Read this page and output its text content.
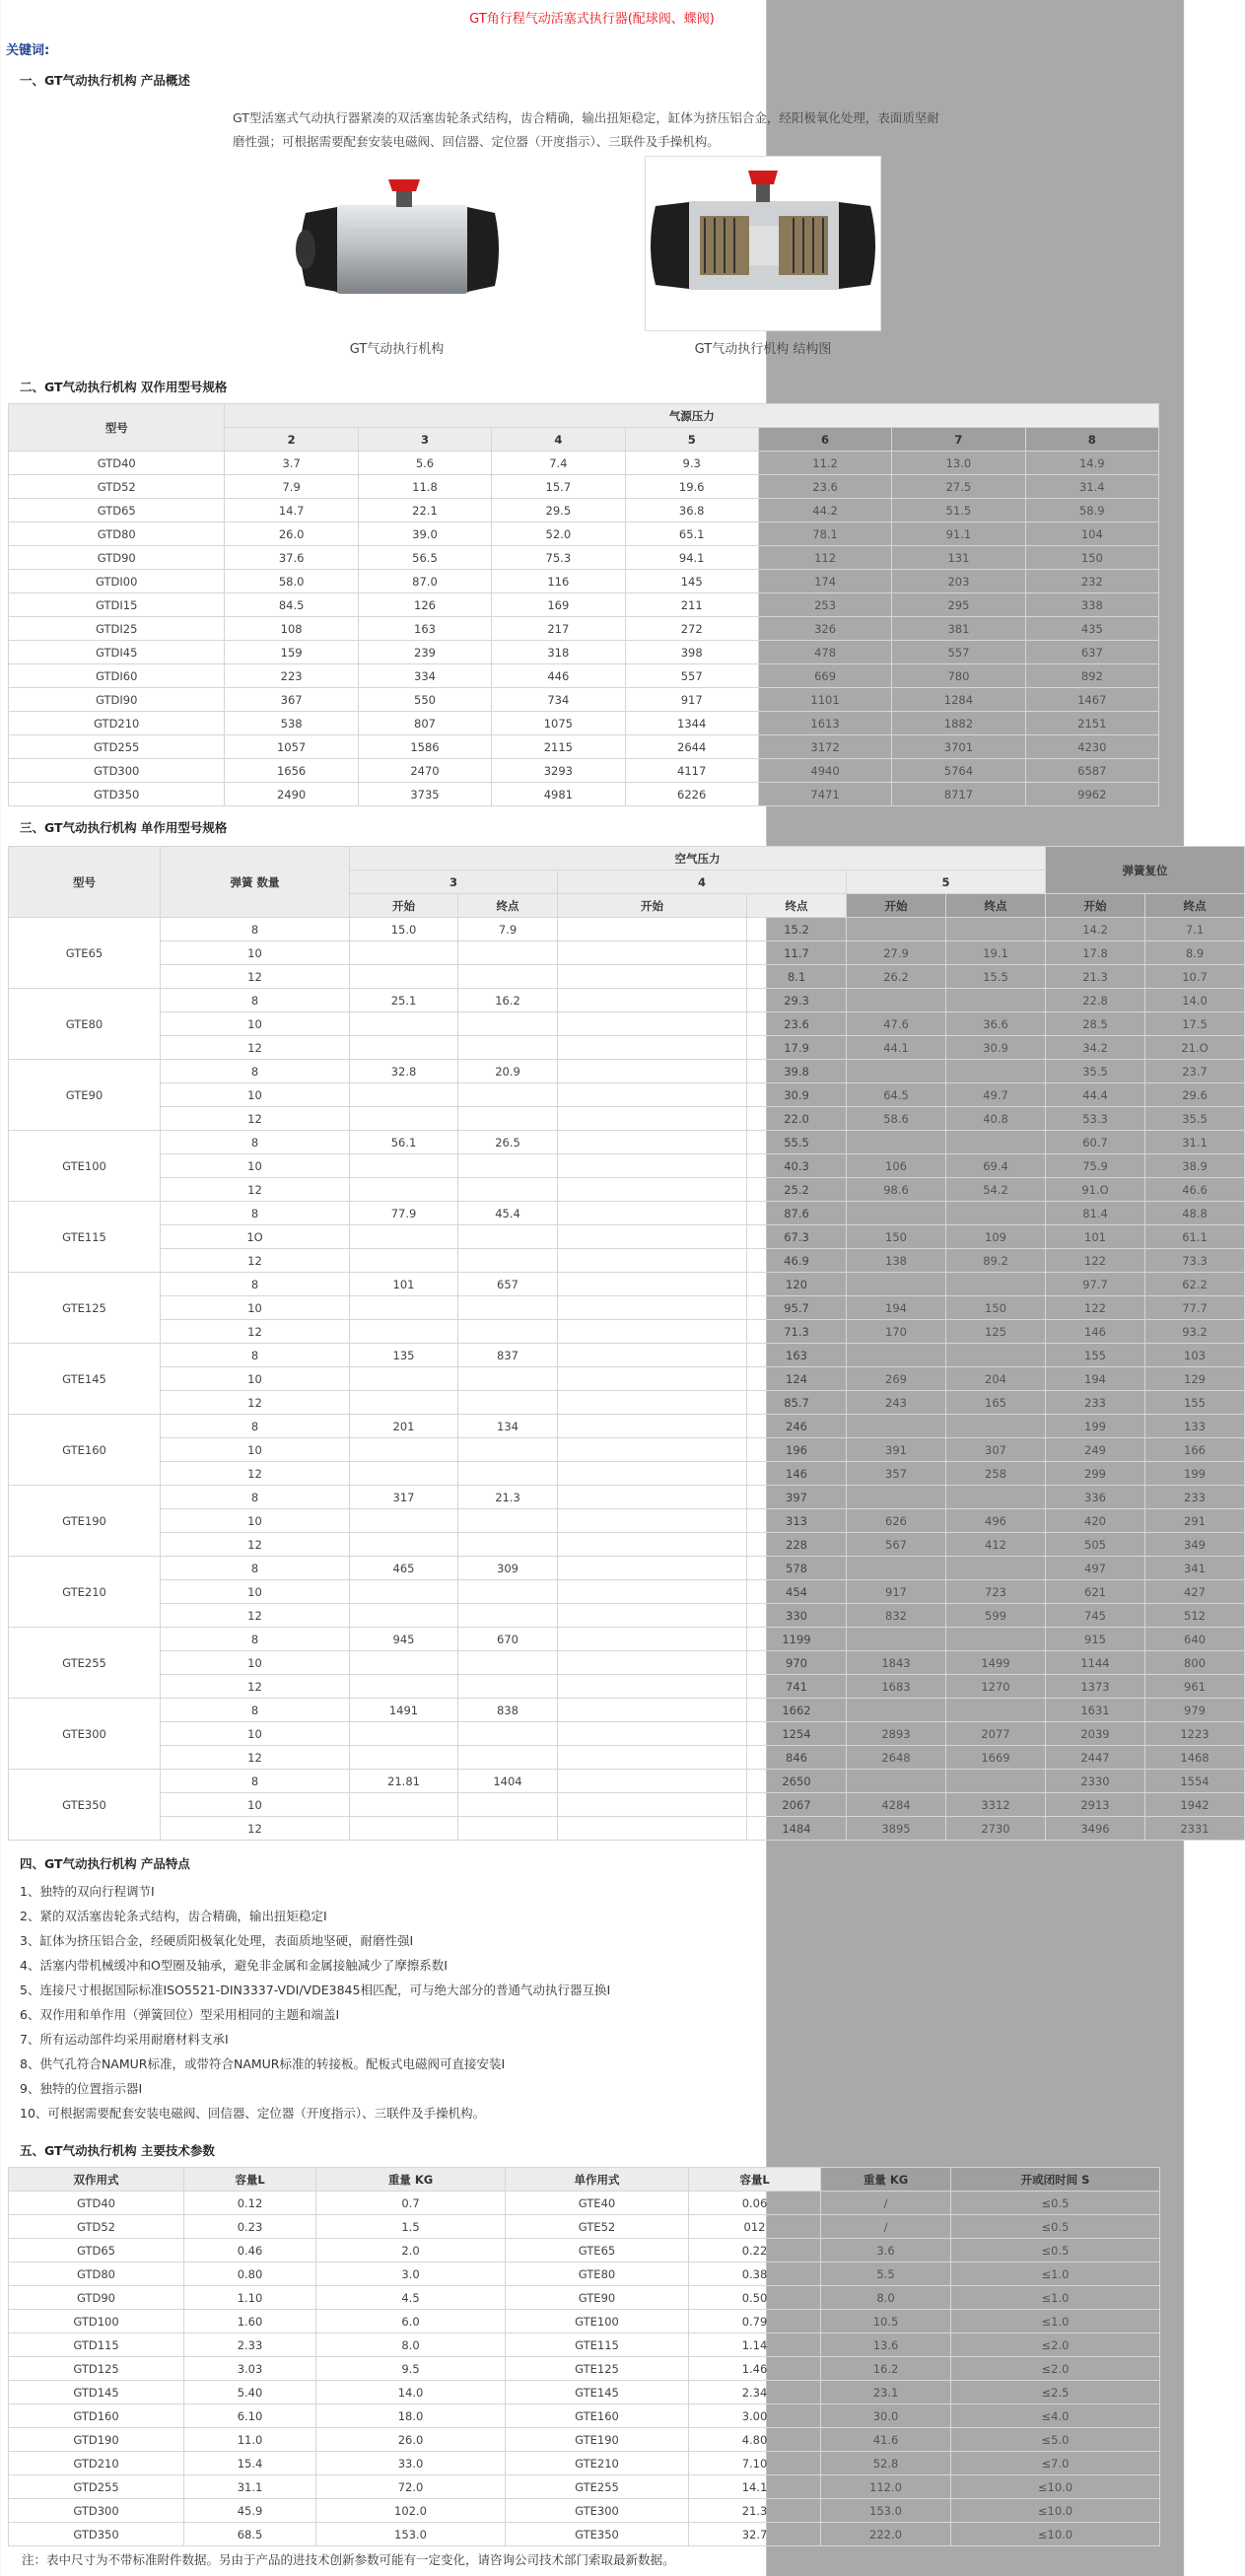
GT角行程气动活塞式执行器(配球阀、蝶阀)
关键词:
一、GT气动执行机构 产品概述
GT型活塞式气动执行器紧凑的双活塞齿轮条式结构，齿合精确，输出扭矩稳定，缸体为挤压铝合金，经阳极氧化处理，表面质坚耐磨性强；可根据需要配套安装电磁阀、回信器、定位器（开度指示）、三联件及手操机构。
GT气动执行机构	GT气动执行机构 结构图
二、GT气动执行机构 双作用型号规格
型号	气源压力						
	2	3	4	5	6	7	8
GTD40	3.7	5.6	7.4	9.3	11.2	13.0	14.9
GTD52	7.9	11.8	15.7	19.6	23.6	27.5	31.4
GTD65	14.7	22.1	29.5	36.8	44.2	51.5	58.9
GTD80	26.0	39.0	52.0	65.1	78.1	91.1	104
GTD90	37.6	56.5	75.3	94.1	112	131	150
GTDI00	58.0	87.0	116	145	174	203	232
GTDI15	84.5	126	169	211	253	295	338
GTDI25	108	163	217	272	326	381	435
GTDI45	159	239	318	398	478	557	637
GTDI60	223	334	446	557	669	780	892
GTDI90	367	550	734	917	1101	1284	1467
GTD210	538	807	1075	1344	1613	1882	2151
GTD255	1057	1586	2115	2644	3172	3701	4230
GTD300	1656	2470	3293	4117	4940	5764	6587
GTD350	2490	3735	4981	6226	7471	8717	9962
三、GT气动执行机构 单作用型号规格
型号	弹簧 数量	空气压力						弹簧复位	
		3		4		5			
		开始	终点	开始	终点	开始	终点	开始	终点
GTE65	8	15.0	7.9		15.2			14.2	7.1
	10				11.7	27.9	19.1	17.8	8.9
	12				8.1	26.2	15.5	21.3	10.7
GTE80	8	25.1	16.2		29.3			22.8	14.0
	10				23.6	47.6	36.6	28.5	17.5
	12				17.9	44.1	30.9	34.2	21.O
GTE90	8	32.8	20.9		39.8			35.5	23.7
	10				30.9	64.5	49.7	44.4	29.6
	12				22.0	58.6	40.8	53.3	35.5
GTE100	8	56.1	26.5		55.5			60.7	31.1
	10				40.3	106	69.4	75.9	38.9
	12				25.2	98.6	54.2	91.O	46.6
GTE115	8	77.9	45.4		87.6			81.4	48.8
	1O				67.3	150	109	101	61.1
	12				46.9	138	89.2	122	73.3
GTE125	8	101	657		120			97.7	62.2
	10				95.7	194	150	122	77.7
	12				71.3	170	125	146	93.2
GTE145	8	135	837		163			155	103
	10				124	269	204	194	129
	12				85.7	243	165	233	155
GTE160	8	201	134		246			199	133
	10				196	391	307	249	166
	12				146	357	258	299	199
GTE190	8	317	21.3		397			336	233
	10				313	626	496	420	291
	12				228	567	412	505	349
GTE210	8	465	309		578			497	341
	10				454	917	723	621	427
	12				330	832	599	745	512
GTE255	8	945	670		1199			915	640
	10				970	1843	1499	1144	800
	12				741	1683	1270	1373	961
GTE300	8	1491	838		1662			1631	979
	10				1254	2893	2077	2039	1223
	12				846	2648	1669	2447	1468
GTE350	8	21.81	1404		2650			2330	1554
	10				2067	4284	3312	2913	1942
	12				1484	3895	2730	3496	2331
四、GT气动执行机构 产品特点
1、独特的双向行程调节I
2、紧的双活塞齿轮条式结构，齿合精确，输出扭矩稳定I
3、缸体为挤压铝合金，经硬质阳极氧化处理，表面质地坚硬，耐磨性强I
4、活塞内带机械缓冲和O型圈及轴承，避免非金属和金属接触减少了摩擦系数I
5、连接尺寸根据国际标准ISO5521-DIN3337-VDI/VDE3845相匹配，可与绝大部分的普通气动执行器互换I
6、双作用和单作用（弹簧回位）型采用相同的主题和端盖I
7、所有运动部件均采用耐磨材料支承I
8、供气孔符合NAMUR标准，或带符合NAMUR标准的转接板。配板式电磁阀可直接安装I
9、独特的位置指示器I
10、可根据需要配套安装电磁阀、回信器、定位器（开度指示）、三联件及手操机构。
五、GT气动执行机构 主要技术参数
双作用式	容量L	重量 KG	单作用式	容量L	重量 KG	开或闭时间 S
GTD40	0.12	0.7	GTE40	0.06	/	≤0.5
GTD52	0.23	1.5	GTE52	012	/	≤0.5
GTD65	0.46	2.0	GTE65	0.22	3.6	≤0.5
GTD80	0.80	3.0	GTE80	0.38	5.5	≤1.0
GTD90	1.10	4.5	GTE90	0.50	8.0	≤1.0
GTD100	1.60	6.0	GTE100	0.79	10.5	≤1.0
GTD115	2.33	8.0	GTE115	1.14	13.6	≤2.0
GTD125	3.03	9.5	GTE125	1.46	16.2	≤2.0
GTD145	5.40	14.0	GTE145	2.34	23.1	≤2.5
GTD160	6.10	18.0	GTE160	3.00	30.0	≤4.0
GTD190	11.0	26.0	GTE190	4.80	41.6	≤5.0
GTD210	15.4	33.0	GTE210	7.10	52.8	≤7.0
GTD255	31.1	72.0	GTE255	14.1	112.0	≤10.0
GTD300	45.9	102.0	GTE300	21.3	153.0	≤10.0
GTD350	68.5	153.0	GTE350	32.7	222.0	≤10.0
注：表中尺寸为不带标准附件数据。另由于产品的进技术创新参数可能有一定变化，请咨询公司技术部门索取最新数据。
